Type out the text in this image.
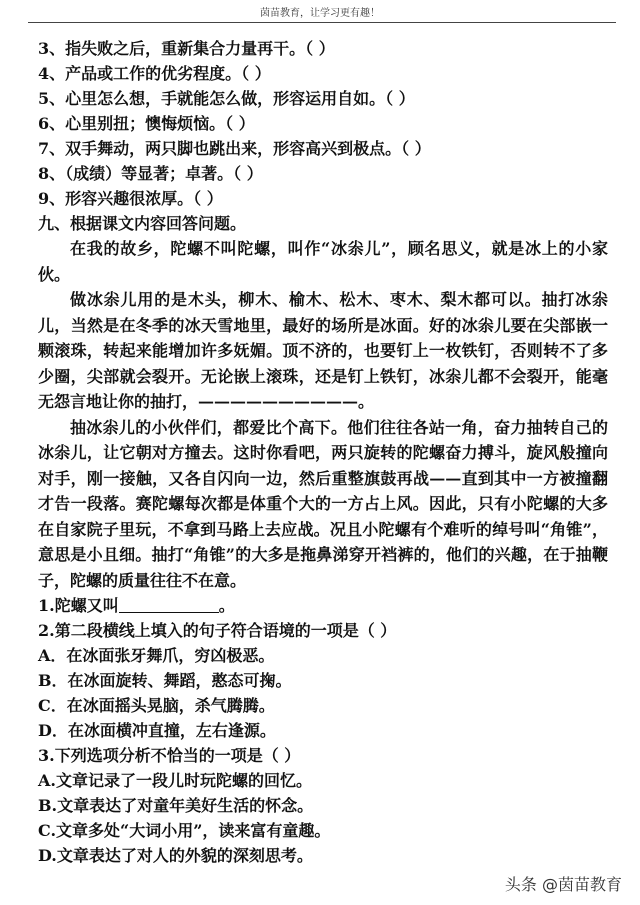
茵苗教育，让学习更有趣！
3、指失败之后，重新集合力量再干。（ ）
4、产品或工作的优劣程度。（ ）
5、心里怎么想，手就能怎么做，形容运用自如。（ ）
6、心里别扭；懊悔烦恼。（ ）
7、双手舞动，两只脚也跳出来，形容高兴到极点。（ ）
8、（成绩）等显著；卓著。（ ）
9、形容兴趣很浓厚。（ ）
九、根据课文内容回答问题。

在我的故乡，陀螺不叫陀螺，叫作“冰尜儿”，顾名思义，就是冰上的小家伙。

做冰尜儿用的是木头，柳木、榆木、松木、枣木、梨木都可以。抽打冰尜儿，当然是在冬季的冰天雪地里，最好的场所是冰面。好的冰尜儿要在尖部嵌一颗滚珠，转起来能增加许多妩媚。顶不济的，也要钉上一枚铁钉，否则转不了多少圈，尖部就会裂开。无论嵌上滚珠，还是钉上铁钉，冰尜儿都不会裂开，能毫无怨言地让你的抽打，——————————。

抽冰尜儿的小伙伴们，都爱比个高下。他们往往各站一角，奋力抽转自己的冰尜儿，让它朝对方撞去。这时你看吧，两只旋转的陀螺奋力搏斗，旋风般撞向对手，刚一接触，又各自闪向一边，然后重整旗鼓再战——直到其中一方被撞翻才告一段落。赛陀螺每次都是体重个大的一方占上风。因此，只有小陀螺的大多在自家院子里玩，不拿到马路上去应战。况且小陀螺有个难听的绰号叫“角锥”，意思是小且细。抽打“角锥”的大多是拖鼻涕穿开裆裤的，他们的兴趣，在于抽鞭子，陀螺的质量往往不在意。

1.陀螺又叫	。
2.第二段横线上填入的句子符合语境的一项是（ ）
A．在冰面张牙舞爪，穷凶极恶。
B．在冰面旋转、舞蹈，憨态可掬。
C．在冰面摇头晃脑，杀气腾腾。
D．在冰面横冲直撞，左右逢源。
3.下列选项分析不恰当的一项是（ ）
A.文章记录了一段儿时玩陀螺的回忆。
B.文章表达了对童年美好生活的怀念。
C.文章多处“大词小用”，读来富有童趣。
D.文章表达了对人的外貌的深刻思考。
头条 @茵苗教育
